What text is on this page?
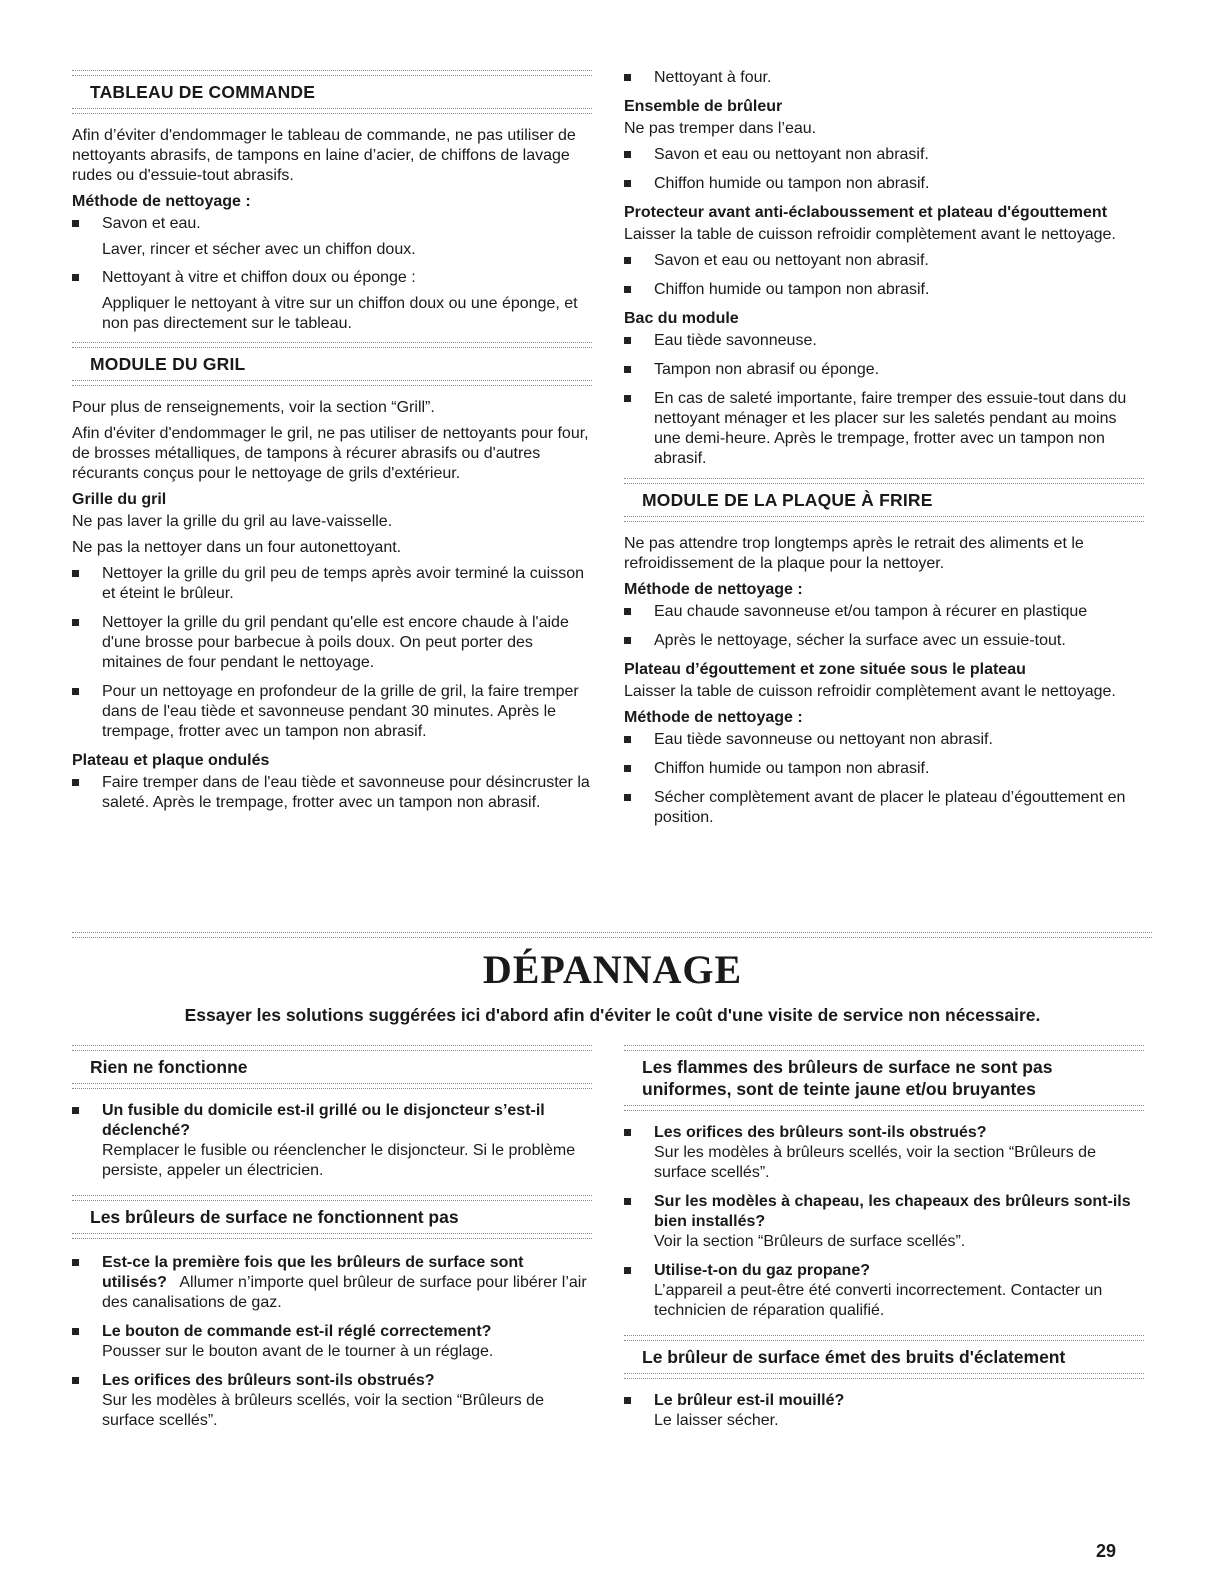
TABLEAU DE COMMANDE

Afin d’éviter d'endommager le tableau de commande, ne pas utiliser de nettoyants abrasifs, de tampons en laine d’acier, de chiffons de lavage rudes ou d'essuie-tout abrasifs.

Méthode de nettoyage :
Savon et eau.

Laver, rincer et sécher avec un chiffon doux.

Nettoyant à vitre et chiffon doux ou éponge :

Appliquer le nettoyant à vitre sur un chiffon doux ou une éponge, et non pas directement sur le tableau.

MODULE DU GRIL

Pour plus de renseignements, voir la section “Grill”.

Afin d'éviter d'endommager le gril, ne pas utiliser de nettoyants pour four, de brosses métalliques, de tampons à récurer abrasifs ou d'autres récurants conçus pour le nettoyage de grils d'extérieur.

Grille du gril

Ne pas laver la grille du gril au lave-vaisselle.

Ne pas la nettoyer dans un four autonettoyant.

Nettoyer la grille du gril peu de temps après avoir terminé la cuisson et éteint le brûleur.
Nettoyer la grille du gril pendant qu'elle est encore chaude à l'aide d'une brosse pour barbecue à poils doux. On peut porter des mitaines de four pendant le nettoyage.
Pour un nettoyage en profondeur de la grille de gril, la faire tremper dans de l'eau tiède et savonneuse pendant 30 minutes. Après le trempage, frotter avec un tampon non abrasif.
Plateau et plaque ondulés
Faire tremper dans de l'eau tiède et savonneuse pour désincruster la saleté. Après le trempage, frotter avec un tampon non abrasif.
Nettoyant à four.
Ensemble de brûleur

Ne pas tremper dans l’eau.

Savon et eau ou nettoyant non abrasif.
Chiffon humide ou tampon non abrasif.
Protecteur avant anti-éclaboussement et plateau d'égouttement

Laisser la table de cuisson refroidir complètement avant le nettoyage.

Savon et eau ou nettoyant non abrasif.
Chiffon humide ou tampon non abrasif.
Bac du module
Eau tiède savonneuse.
Tampon non abrasif ou éponge.
En cas de saleté importante, faire tremper des essuie-tout dans du nettoyant ménager et les placer sur les saletés pendant au moins une demi-heure. Après le trempage, frotter avec un tampon non abrasif.
MODULE DE LA PLAQUE À FRIRE

Ne pas attendre trop longtemps après le retrait des aliments et le refroidissement de la plaque pour la nettoyer.

Méthode de nettoyage :
Eau chaude savonneuse et/ou tampon à récurer en plastique
Après le nettoyage, sécher la surface avec un essuie-tout.
Plateau d’égouttement et zone située sous le plateau

Laisser la table de cuisson refroidir complètement avant le nettoyage.

Méthode de nettoyage :
Eau tiède savonneuse ou nettoyant non abrasif.
Chiffon humide ou tampon non abrasif.
Sécher complètement avant de placer le plateau d’égouttement en position.
DÉPANNAGE

Essayer les solutions suggérées ici d'abord afin d'éviter le coût d'une visite de service non nécessaire.

Rien ne fonctionne
Un fusible du domicile est-il grillé ou le disjoncteur s’est-il déclenché?
Remplacer le fusible ou réenclencher le disjoncteur. Si le problème persiste, appeler un électricien.
Les brûleurs de surface ne fonctionnent pas
Est-ce la première fois que les brûleurs de surface sont utilisés? Allumer n’importe quel brûleur de surface pour libérer l’air des canalisations de gaz.
Le bouton de commande est-il réglé correctement?
Pousser sur le bouton avant de le tourner à un réglage.
Les orifices des brûleurs sont-ils obstrués?
Sur les modèles à brûleurs scellés, voir la section “Brûleurs de surface scellés”.
Les flammes des brûleurs de surface ne sont pas uniformes, sont de teinte jaune et/ou bruyantes
Les orifices des brûleurs sont-ils obstrués?
Sur les modèles à brûleurs scellés, voir la section “Brûleurs de surface scellés”.
Sur les modèles à chapeau, les chapeaux des brûleurs sont-ils bien installés?
Voir la section “Brûleurs de surface scellés”.
Utilise-t-on du gaz propane?
L’appareil a peut-être été converti incorrectement. Contacter un technicien de réparation qualifié.
Le brûleur de surface émet des bruits d'éclatement
Le brûleur est-il mouillé?
Le laisser sécher.
29
